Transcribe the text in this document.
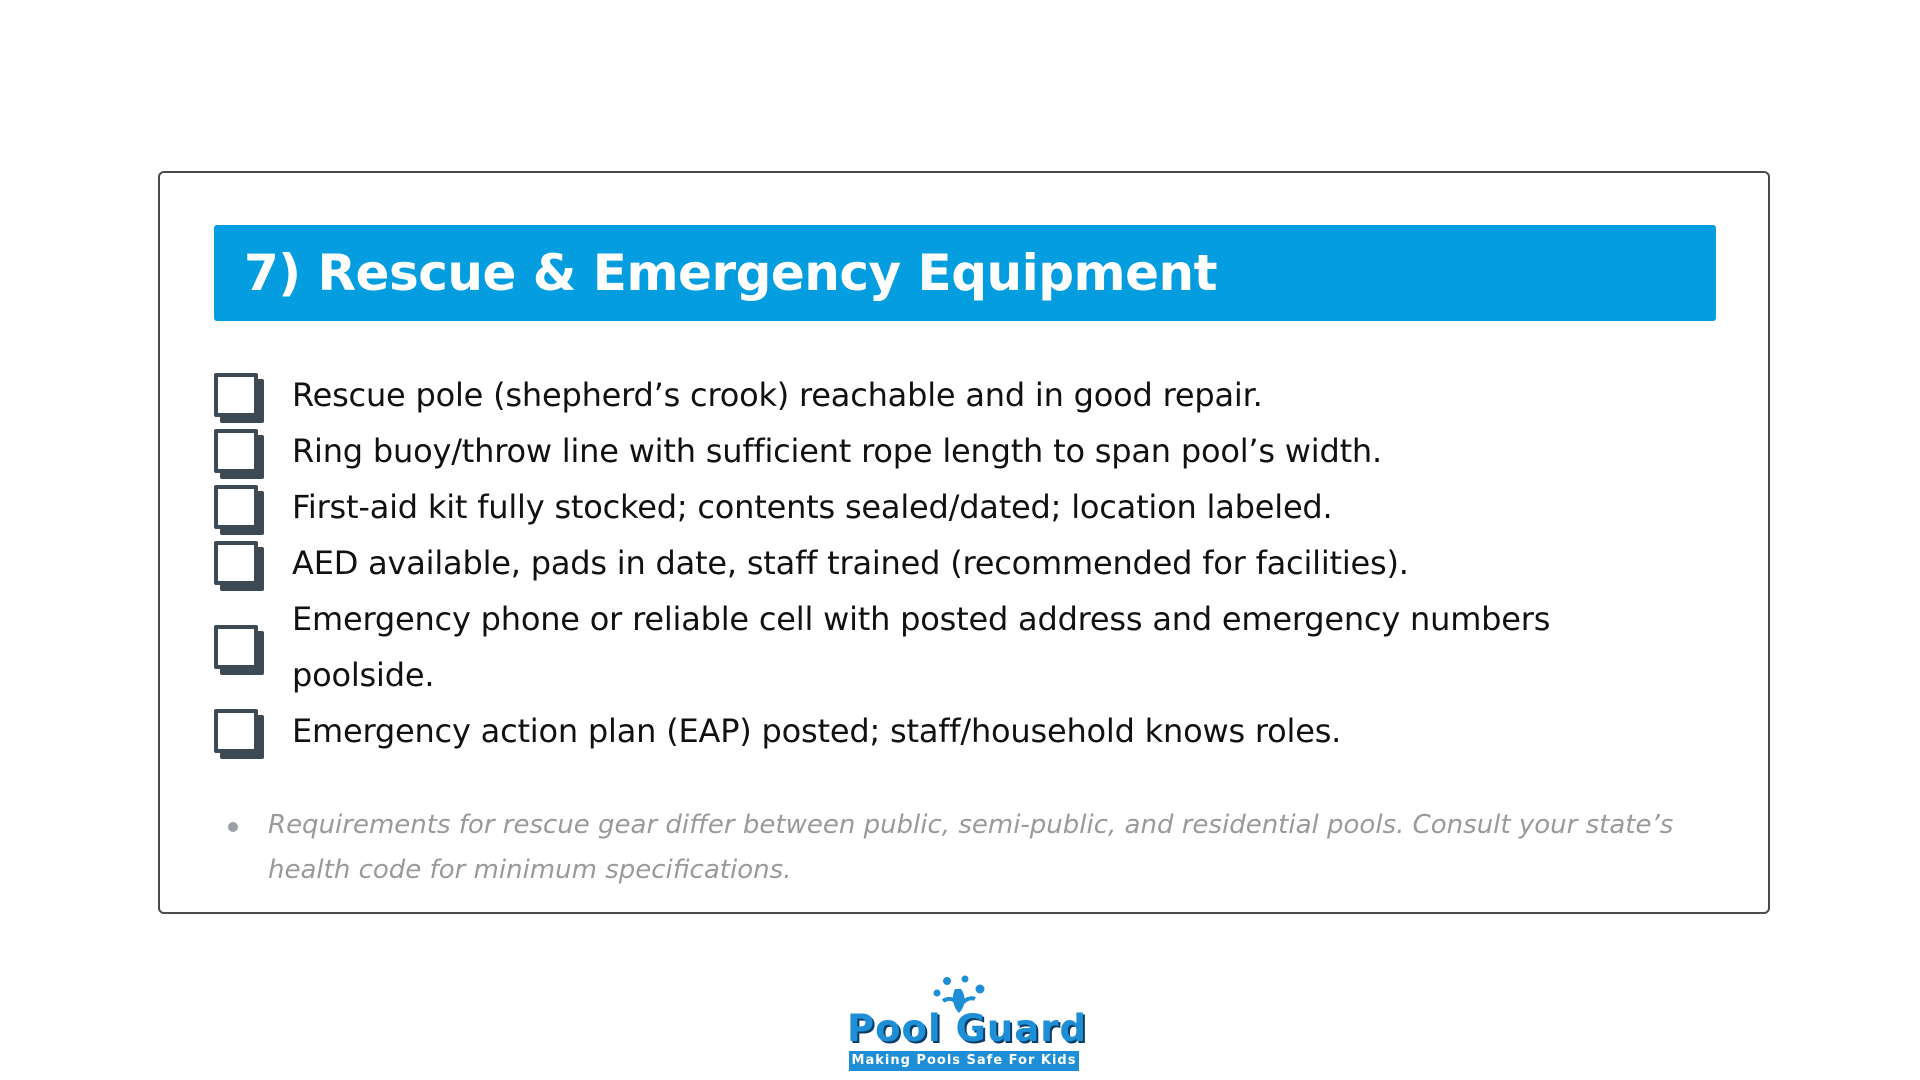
7) Rescue & Emergency Equipment
Rescue pole (shepherd’s crook) reachable and in good repair.
Ring buoy/throw line with sufficient rope length to span pool’s width.
First-aid kit fully stocked; contents sealed/dated; location labeled.
AED available, pads in date, staff trained (recommended for facilities).
Emergency phone or reliable cell with posted address and emergency numbers poolside.
Emergency action plan (EAP) posted; staff/household knows roles.
Requirements for rescue gear differ between public, semi-public, and residential pools. Consult your state’s health code for minimum specifications.
Pool Guard
Making Pools Safe For Kids
